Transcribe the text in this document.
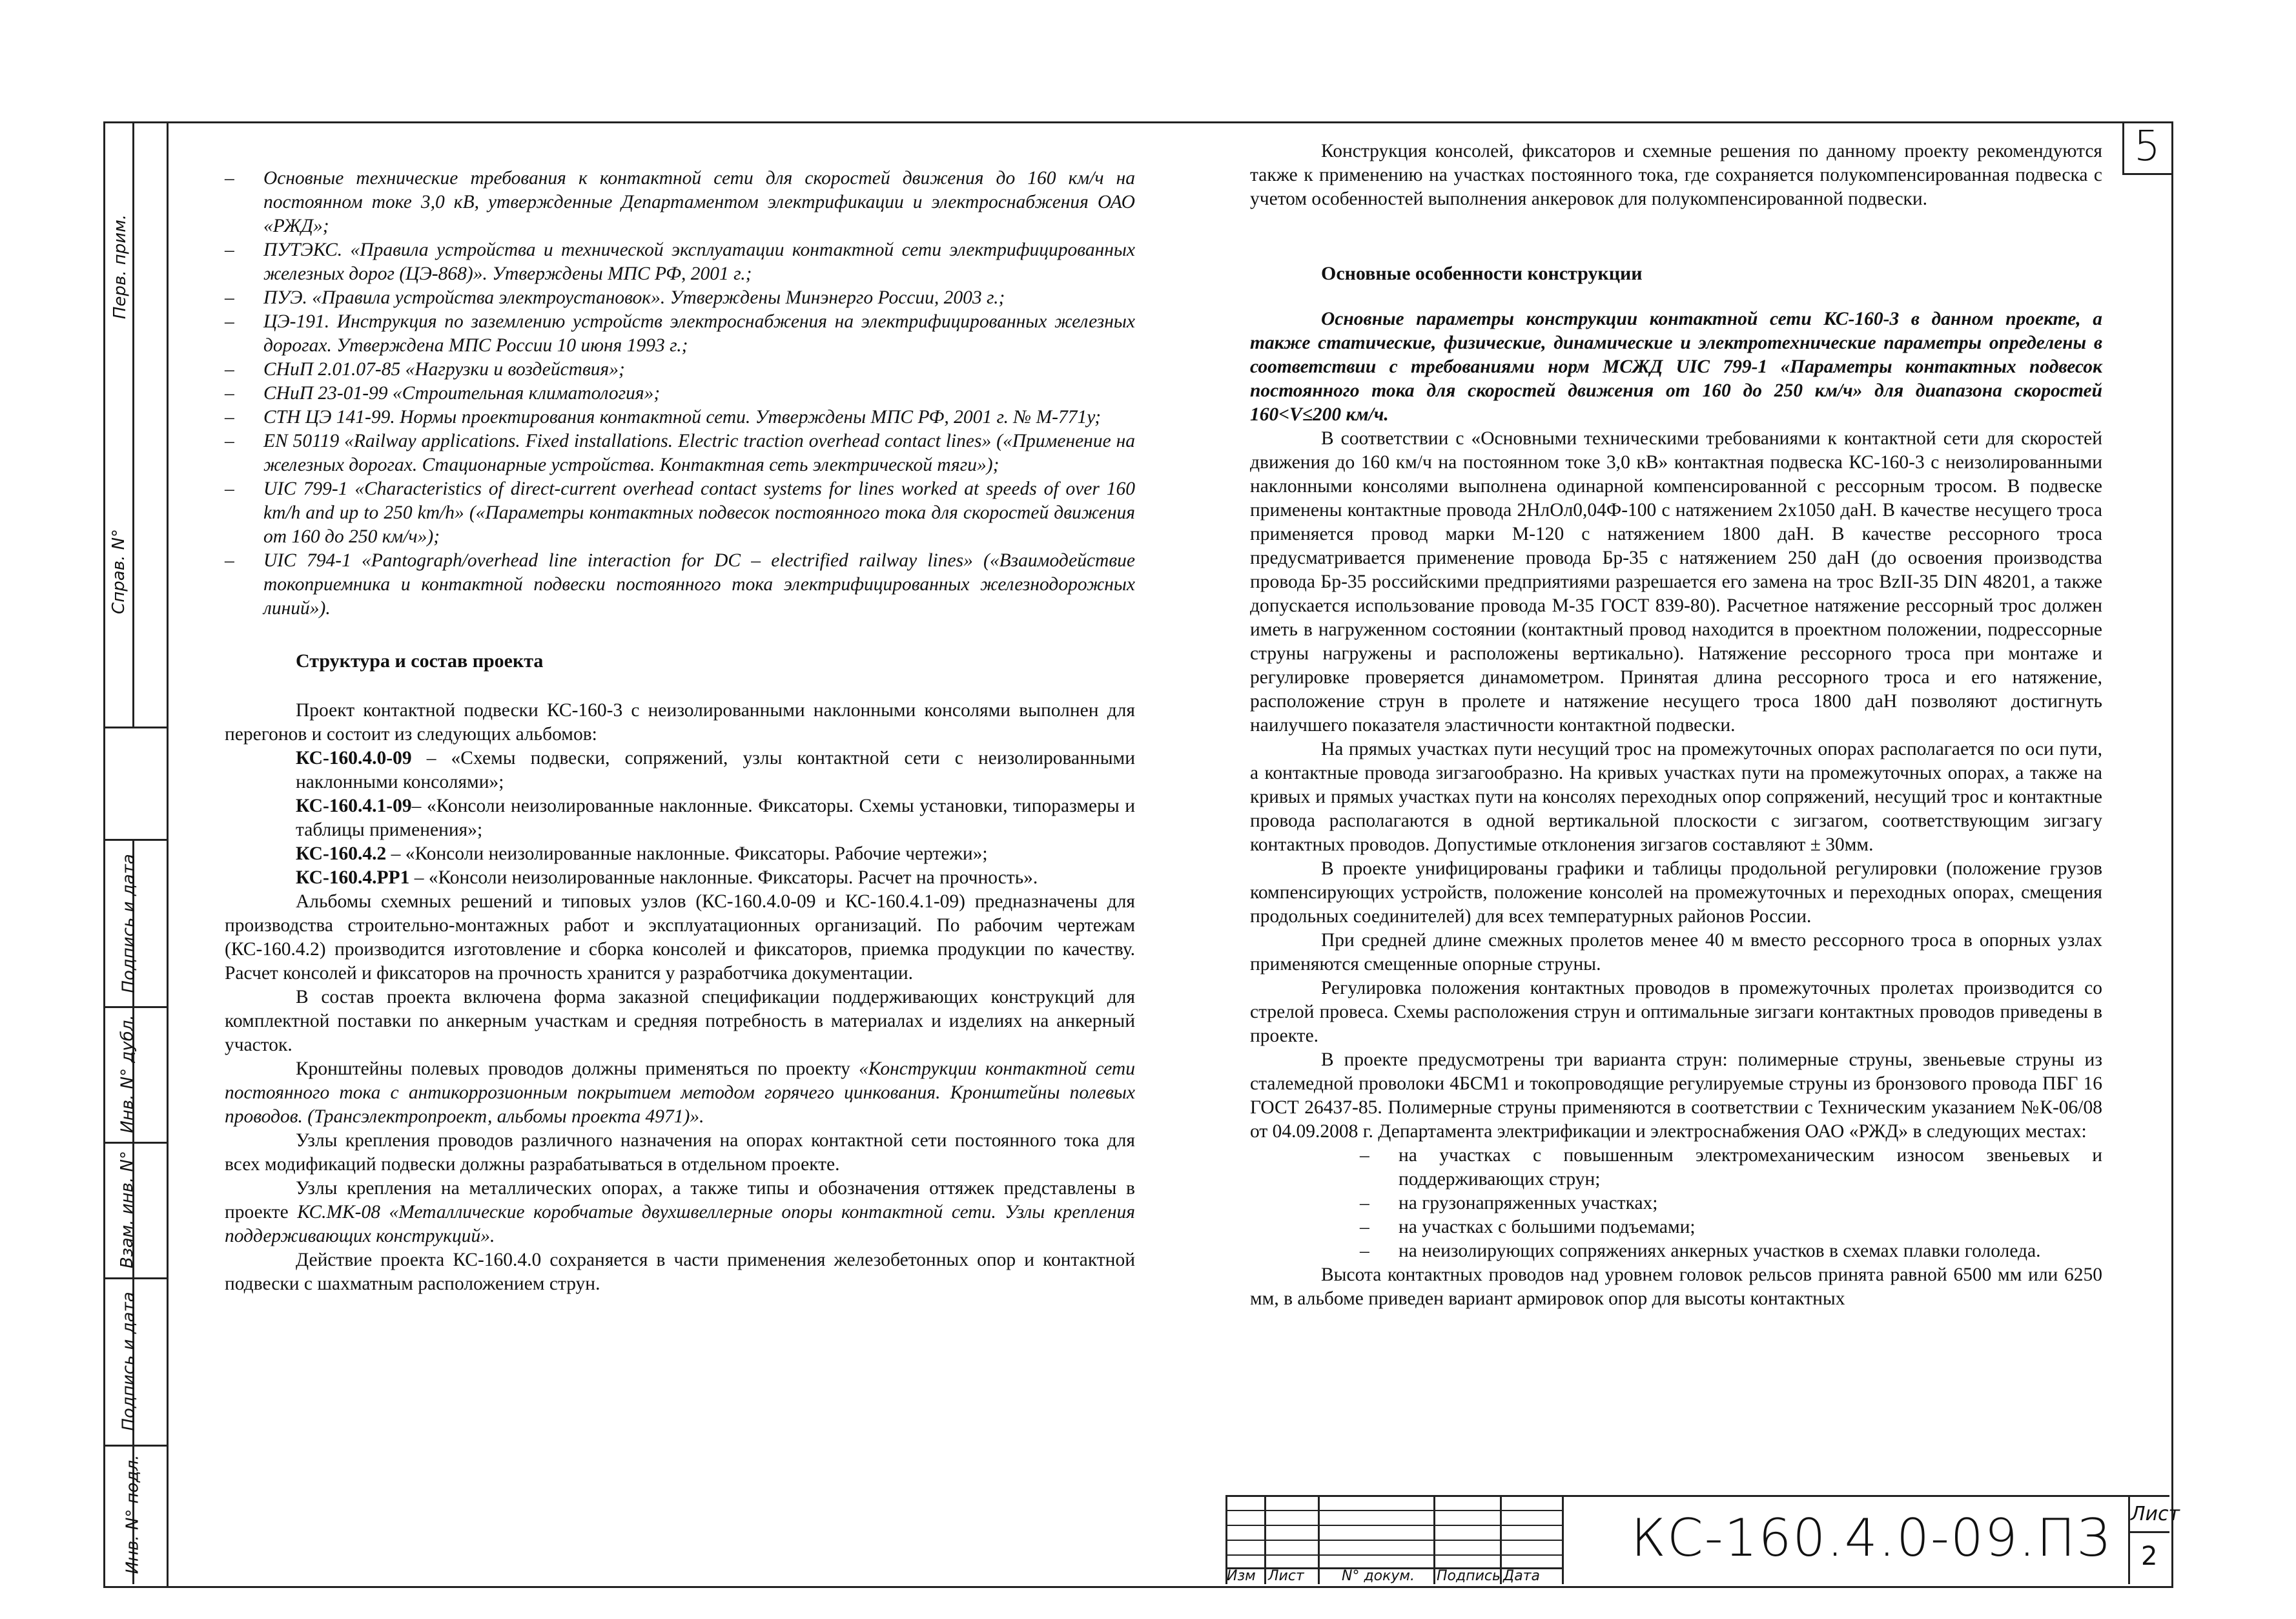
Перв. прим.
Справ. N°
Подпись и дата
Инв. N° дубл.
Взам. инв. N°
Подпись и дата
Инв. N° подл.
5

– Основные технические требования к контактной сети для скоростей движения до 160 км/ч на постоянном токе 3,0 кВ, утвержденные Департаментом электрификации и электроснабжения ОАО «РЖД»;

– ПУТЭКС. «Правила устройства и технической эксплуатации контактной сети электрифицированных железных дорог (ЦЭ-868)». Утверждены МПС РФ, 2001 г.;

– ПУЭ. «Правила устройства электроустановок». Утверждены Минэнерго России, 2003 г.;

– ЦЭ-191. Инструкция по заземлению устройств электроснабжения на электрифицированных железных дорогах. Утверждена МПС России 10 июня 1993 г.;

– СНиП 2.01.07-85 «Нагрузки и воздействия»;

– СНиП 23-01-99 «Строительная климатология»;

– СТН ЦЭ 141-99. Нормы проектирования контактной сети. Утверждены МПС РФ, 2001 г. № М-771у;

– EN 50119 «Railway applications. Fixed installations. Electric traction overhead contact lines» («Применение на железных дорогах. Стационарные устройства. Контактная сеть электрической тяги»);

– UIC 799-1 «Characteristics of direct-current overhead contact systems for lines worked at speeds of over 160 km/h and up to 250 km/h» («Параметры контактных подвесок постоянного тока для скоростей движения от 160 до 250 км/ч»);

– UIC 794-1 «Pantograph/overhead line interaction for DC – electrified railway lines» («Взаимодействие токоприемника и контактной подвески постоянного тока электрифицированных железнодорожных линий»).

Структура и состав проекта

Проект контактной подвески КС-160-3 с неизолированными наклонными консолями выполнен для перегонов и состоит из следующих альбомов:

КС-160.4.0-09 – «Схемы подвески, сопряжений, узлы контактной сети с неизолированными наклонными консолями»;

КС-160.4.1-09– «Консоли неизолированные наклонные. Фиксаторы. Схемы установки, типоразмеры и таблицы применения»;

КС-160.4.2 – «Консоли неизолированные наклонные. Фиксаторы. Рабочие чертежи»;

КС-160.4.РР1 – «Консоли неизолированные наклонные. Фиксаторы. Расчет на прочность».

Альбомы схемных решений и типовых узлов (КС-160.4.0-09 и КС-160.4.1-09) предназначены для производства строительно-монтажных работ и эксплуатационных организаций. По рабочим чертежам (КС-160.4.2) производится изготовление и сборка консолей и фиксаторов, приемка продукции по качеству. Расчет консолей и фиксаторов на прочность хранится у разработчика документации.

В состав проекта включена форма заказной спецификации поддерживающих конструкций для комплектной поставки по анкерным участкам и средняя потребность в материалах и изделиях на анкерный участок.

Кронштейны полевых проводов должны применяться по проекту «Конструкции контактной сети постоянного тока с антикоррозионным покрытием методом горячего цинкования. Кронштейны полевых проводов. (Трансэлектропроект, альбомы проекта 4971)».

Узлы крепления проводов различного назначения на опорах контактной сети постоянного тока для всех модификаций подвески должны разрабатываться в отдельном проекте.

Узлы крепления на металлических опорах, а также типы и обозначения оттяжек представлены в проекте КС.МК-08 «Металлические коробчатые двухшвеллерные опоры контактной сети. Узлы крепления поддерживающих конструкций».

Действие проекта КС-160.4.0 сохраняется в части применения железобетонных опор и контактной подвески с шахматным расположением струн.

Конструкция консолей, фиксаторов и схемные решения по данному проекту рекомендуются также к применению на участках постоянного тока, где сохраняется полукомпенсированная подвеска с учетом особенностей выполнения анкеровок для полукомпенсированной подвески.

Основные особенности конструкции

Основные параметры конструкции контактной сети КС-160-3 в данном проекте, а также статические, физические, динамические и электротехнические параметры определены в соответствии с требованиями норм МСЖД UIC 799-1 «Параметры контактных подвесок постоянного тока для скоростей движения от 160 до 250 км/ч» для диапазона скоростей 160<V≤200 км/ч.

В соответствии с «Основными техническими требованиями к контактной сети для скоростей движения до 160 км/ч на постоянном токе 3,0 кВ» контактная подвеска КС-160-3 с неизолированными наклонными консолями выполнена одинарной компенсированной с рессорным тросом. В подвеске применены контактные провода 2НлОл0,04Ф-100 с натяжением 2х1050 даН. В качестве несущего троса применяется провод марки М-120 с натяжением 1800 даН. В качестве рессорного троса предусматривается применение провода Бр-35 с натяжением 250 даН (до освоения производства провода Бр-35 российскими предприятиями разрешается его замена на трос BzII-35 DIN 48201, а также допускается использование провода М-35 ГОСТ 839-80). Расчетное натяжение рессорный трос должен иметь в нагруженном состоянии (контактный провод находится в проектном положении, подрессорные струны нагружены и расположены вертикально). Натяжение рессорного троса при монтаже и регулировке проверяется динамометром. Принятая длина рессорного троса и его натяжение, расположение струн в пролете и натяжение несущего троса 1800 даН позволяют достигнуть наилучшего показателя эластичности контактной подвески.

На прямых участках пути несущий трос на промежуточных опорах располагается по оси пути, а контактные провода зигзагообразно. На кривых участках пути на промежуточных опорах, а также на кривых и прямых участках пути на консолях переходных опор сопряжений, несущий трос и контактные провода располагаются в одной вертикальной плоскости с зигзагом, соответствующим зигзагу контактных проводов. Допустимые отклонения зигзагов составляют ± 30мм.

В проекте унифицированы графики и таблицы продольной регулировки (положение грузов компенсирующих устройств, положение консолей на промежуточных и переходных опорах, смещения продольных соединителей) для всех температурных районов России.

При средней длине смежных пролетов менее 40 м вместо рессорного троса в опорных узлах применяются смещенные опорные струны.

Регулировка положения контактных проводов в промежуточных пролетах производится со стрелой провеса. Схемы расположения струн и оптимальные зигзаги контактных проводов приведены в проекте.

В проекте предусмотрены три варианта струн: полимерные струны, звеньевые струны из сталемедной проволоки 4БСМ1 и токопроводящие регулируемые струны из бронзового провода ПБГ 16 ГОСТ 26437-85. Полимерные струны применяются в соответствии с Техническим указанием №К-06/08 от 04.09.2008 г. Департамента электрификации и электроснабжения ОАО «РЖД» в следующих местах:

– на участках с повышенным электромеханическим износом звеньевых и поддерживающих струн;

– на грузонапряженных участках;

– на участках с большими подъемами;

– на неизолирующих сопряжениях анкерных участков в схемах плавки гололеда.

Высота контактных проводов над уровнем головок рельсов принята равной 6500 мм или 6250 мм, в альбоме приведен вариант армировок опор для высоты контактных

Изм Лист	N° докум. Подпись Дата
КС-160.4.0-09.ПЗ Лист
2
